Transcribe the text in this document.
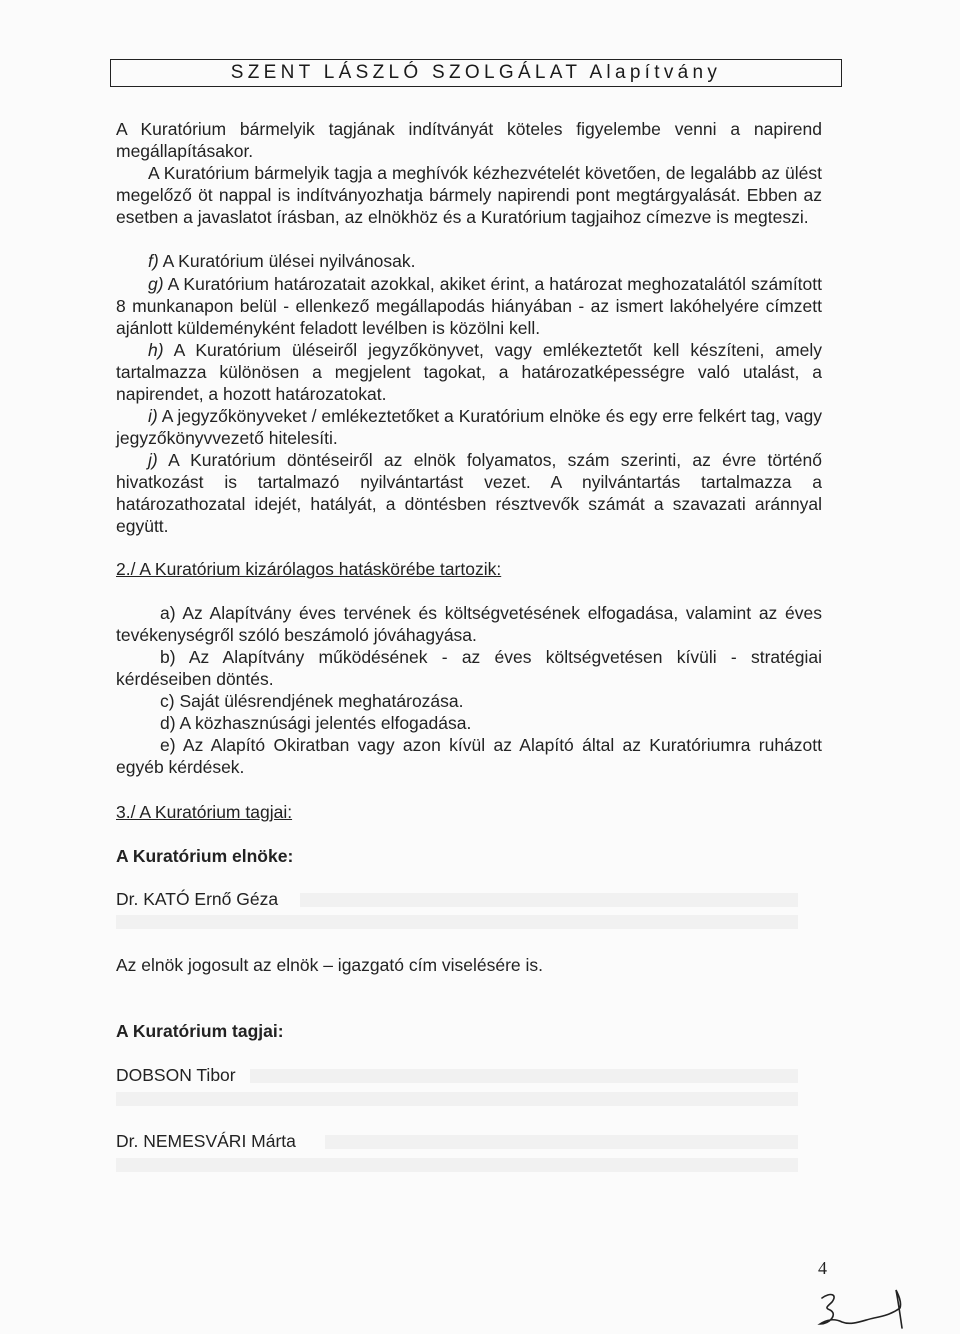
SZENT LÁSZLÓ SZOLGÁLAT Alapítvány
A Kuratórium bármelyik tagjának indítványát köteles figyelembe venni a napirend megállapításakor.
A Kuratórium bármelyik tagja a meghívók kézhezvételét követően, de legalább az ülést megelőző öt nappal is indítványozhatja bármely napirendi pont megtárgyalását. Ebben az esetben a javaslatot írásban, az elnökhöz és a Kuratórium tagjaihoz címezve is megteszi.
f) A Kuratórium ülései nyilvánosak.
g) A Kuratórium határozatait azokkal, akiket érint, a határozat meghozatalától számított 8 munkanapon belül - ellenkező megállapodás hiányában - az ismert lakóhelyére címzett ajánlott küldeményként feladott levélben is közölni kell.
h) A Kuratórium üléseiről jegyzőkönyvet, vagy emlékeztetőt kell készíteni, amely tartalmazza különösen a megjelent tagokat, a határozatképességre való utalást, a napirendet, a hozott határozatokat.
i) A jegyzőkönyveket / emlékeztetőket a Kuratórium elnöke és egy erre felkért tag, vagy jegyzőkönyvvezető hitelesíti.
j) A Kuratórium döntéseiről az elnök folyamatos, szám szerinti, az évre történő hivatkozást is tartalmazó nyilvántartást vezet. A nyilvántartás tartalmazza a határozathozatal idejét, hatályát, a döntésben résztvevők számát a szavazati aránnyal együtt.
2./ A Kuratórium kizárólagos hatáskörébe tartozik:
a) Az Alapítvány éves tervének és költségvetésének elfogadása, valamint az éves tevékenységről szóló beszámoló jóváhagyása.
b) Az Alapítvány működésének - az éves költségvetésen kívüli - stratégiai kérdéseiben döntés.
c) Saját ülésrendjének meghatározása.
d) A közhasznúsági jelentés elfogadása.
e) Az Alapító Okiratban vagy azon kívül az Alapító által az Kuratóriumra ruházott egyéb kérdések.
3./ A Kuratórium tagjai:
A Kuratórium elnöke:
Dr. KATÓ Ernő Géza
Az elnök jogosult az elnök – igazgató cím viselésére is.
A Kuratórium tagjai:
DOBSON Tibor
Dr. NEMESVÁRI Márta
4
